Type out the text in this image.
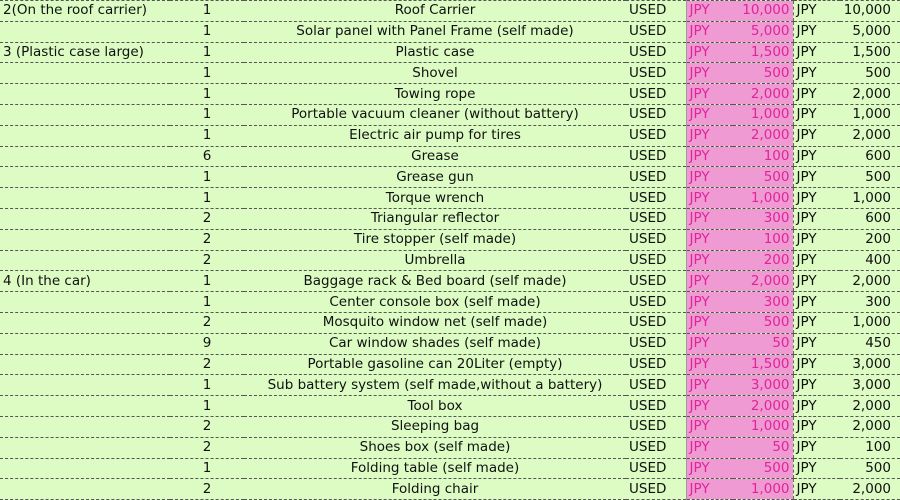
2(On the roof carrier)	1	Roof Carrier	USED	JPY	10,000	JPY	10,000
	1	Solar panel with Panel Frame (self made)	USED	JPY	5,000	JPY	5,000
3 (Plastic case large)	1	Plastic case	USED	JPY	1,500	JPY	1,500
	1	Shovel	USED	JPY	500	JPY	500
	1	Towing rope	USED	JPY	2,000	JPY	2,000
	1	Portable vacuum cleaner (without battery)	USED	JPY	1,000	JPY	1,000
	1	Electric air pump for tires	USED	JPY	2,000	JPY	2,000
	6	Grease	USED	JPY	100	JPY	600
	1	Grease gun	USED	JPY	500	JPY	500
	1	Torque wrench	USED	JPY	1,000	JPY	1,000
	2	Triangular reflector	USED	JPY	300	JPY	600
	2	Tire stopper (self made)	USED	JPY	100	JPY	200
	2	Umbrella	USED	JPY	200	JPY	400
4 (In the car)	1	Baggage rack & Bed board (self made)	USED	JPY	2,000	JPY	2,000
	1	Center console box (self made)	USED	JPY	300	JPY	300
	2	Mosquito window net (self made)	USED	JPY	500	JPY	1,000
	9	Car window shades (self made)	USED	JPY	50	JPY	450
	2	Portable gasoline can 20Liter (empty)	USED	JPY	1,500	JPY	3,000
	1	Sub battery system (self made,without a battery)	USED	JPY	3,000	JPY	3,000
	1	Tool box	USED	JPY	2,000	JPY	2,000
	2	Sleeping bag	USED	JPY	1,000	JPY	2,000
	2	Shoes box (self made)	USED	JPY	50	JPY	100
	1	Folding table (self made)	USED	JPY	500	JPY	500
	2	Folding chair	USED	JPY	1,000	JPY	2,000
